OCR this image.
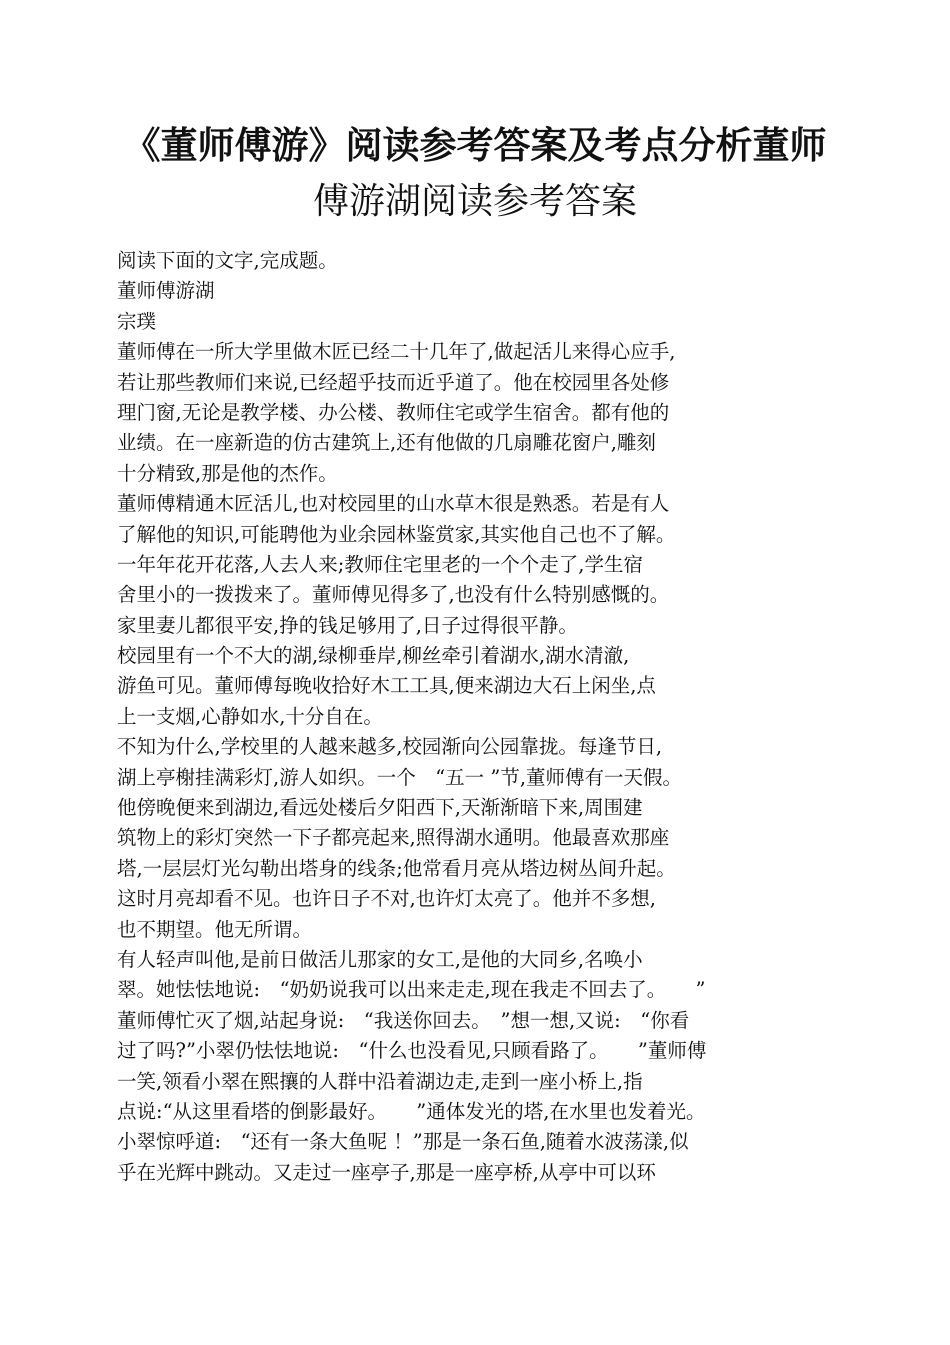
《董师傅游》阅读参考答案及考点分析董师
傅游湖阅读参考答案
阅读下面的文字,完成题。
董师傅游湖
宗璞
董师傅在一所大学里做木匠已经二十几年了,做起活儿来得心应手,
若让那些教师们来说,已经超乎技而近乎道了。他在校园里各处修
理门窗,无论是教学楼、办公楼、教师住宅或学生宿舍。都有他的
业绩。在一座新造的仿古建筑上,还有他做的几扇雕花窗户,雕刻
十分精致,那是他的杰作。
董师傅精通木匠活儿,也对校园里的山水草木很是熟悉。若是有人
了解他的知识,可能聘他为业余园林鉴赏家,其实他自己也不了解。
一年年花开花落,人去人来;教师住宅里老的一个个走了,学生宿
舍里小的一拨拨来了。董师傅见得多了,也没有什么特别感慨的。
家里妻儿都很平安,挣的钱足够用了,日子过得很平静。
校园里有一个不大的湖,绿柳垂岸,柳丝牵引着湖水,湖水清澈,
游鱼可见。董师傅每晚收拾好木工工具,便来湖边大石上闲坐,点
上一支烟,心静如水,十分自在。
不知为什么,学校里的人越来越多,校园渐向公园靠拢。每逢节日,
湖上亭榭挂满彩灯,游人如织。一个　“五一 ”节,董师傅有一天假。
他傍晚便来到湖边,看远处楼后夕阳西下,天渐渐暗下来,周围建
筑物上的彩灯突然一下子都亮起来,照得湖水通明。他最喜欢那座
塔,一层层灯光勾勒出塔身的线条;他常看月亮从塔边树丛间升起。
这时月亮却看不见。也许日子不对,也许灯太亮了。他并不多想,
也不期望。他无所谓。
有人轻声叫他,是前日做活儿那家的女工,是他的大同乡,名唤小
翠。她怯怯地说:　“奶奶说我可以出来走走,现在我走不回去了。　　”
董师傅忙灭了烟,站起身说:　“我送你回去。　”想一想,又说:　“你看
过了吗?”小翠仍怯怯地说:　“什么也没看见,只顾看路了。　　”董师傅
一笑,领看小翠在熙攘的人群中沿着湖边走,走到一座小桥上,指
点说:“从这里看塔的倒影最好。　　”通体发光的塔,在水里也发着光。
小翠惊呼道:　“还有一条大鱼呢 ！”那是一条石鱼,随着水波荡漾,似
乎在光辉中跳动。又走过一座亭子,那是一座亭桥,从亭中可以环
